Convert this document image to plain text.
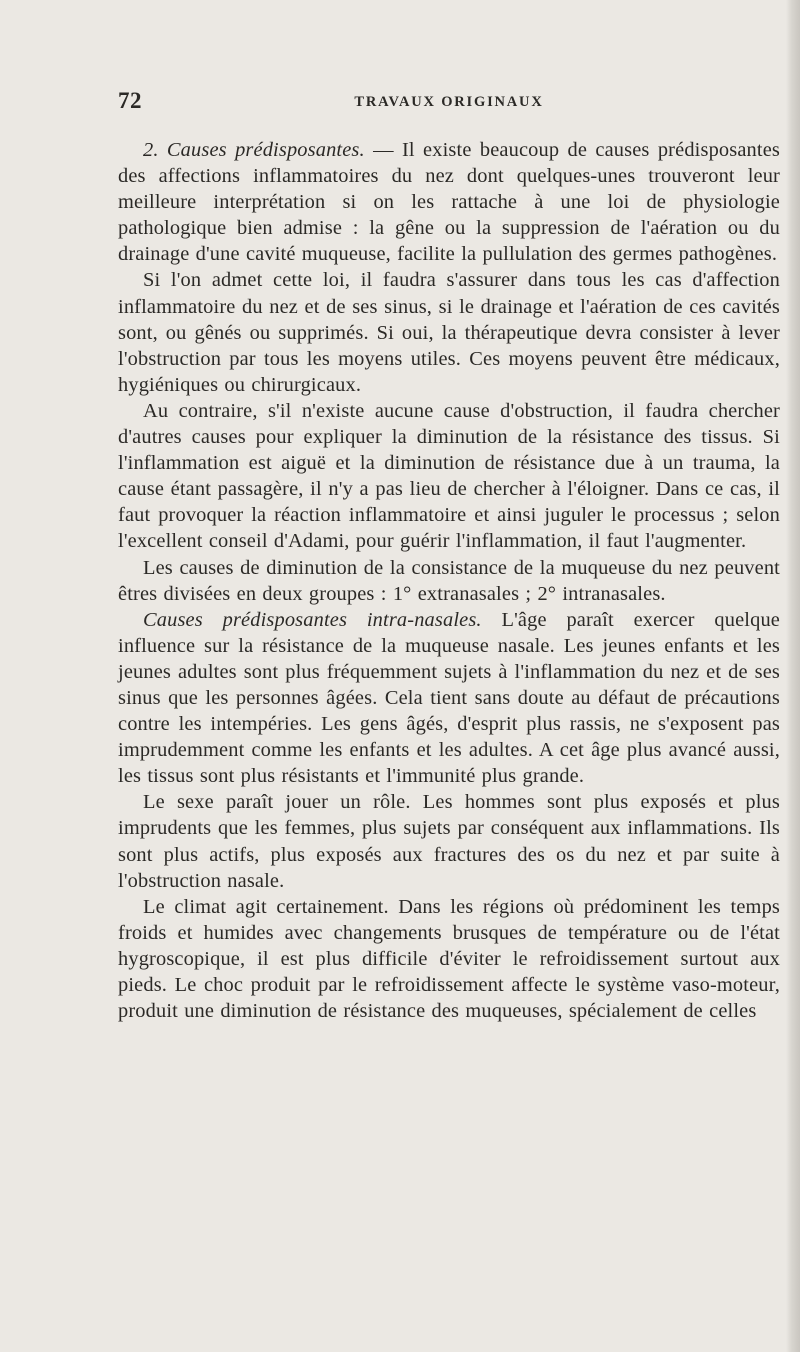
72	TRAVAUX ORIGINAUX

2. Causes prédisposantes. — Il existe beaucoup de causes prédisposantes des affections inflammatoires du nez dont quelques-unes trouveront leur meilleure interprétation si on les rattache à une loi de physiologie pathologique bien admise : la gêne ou la suppression de l'aération ou du drainage d'une cavité muqueuse, facilite la pullulation des germes pathogènes.

Si l'on admet cette loi, il faudra s'assurer dans tous les cas d'affection inflammatoire du nez et de ses sinus, si le drainage et l'aération de ces cavités sont, ou gênés ou supprimés. Si oui, la thérapeutique devra consister à lever l'obstruction par tous les moyens utiles. Ces moyens peuvent être médicaux, hygiéniques ou chirurgicaux.

Au contraire, s'il n'existe aucune cause d'obstruction, il faudra chercher d'autres causes pour expliquer la diminution de la résistance des tissus. Si l'inflammation est aiguë et la diminution de résistance due à un trauma, la cause étant passagère, il n'y a pas lieu de chercher à l'éloigner. Dans ce cas, il faut provoquer la réaction inflammatoire et ainsi juguler le processus ; selon l'excellent conseil d'Adami, pour guérir l'inflammation, il faut l'augmenter.

Les causes de diminution de la consistance de la muqueuse du nez peuvent êtres divisées en deux groupes : 1° extranasales ; 2° intranasales.

Causes prédisposantes intra-nasales. L'âge paraît exercer quelque influence sur la résistance de la muqueuse nasale. Les jeunes enfants et les jeunes adultes sont plus fréquemment sujets à l'inflammation du nez et de ses sinus que les personnes âgées. Cela tient sans doute au défaut de précautions contre les intempéries. Les gens âgés, d'esprit plus rassis, ne s'exposent pas imprudemment comme les enfants et les adultes. A cet âge plus avancé aussi, les tissus sont plus résistants et l'immunité plus grande.

Le sexe paraît jouer un rôle. Les hommes sont plus exposés et plus imprudents que les femmes, plus sujets par conséquent aux inflammations. Ils sont plus actifs, plus exposés aux fractures des os du nez et par suite à l'obstruction nasale.

Le climat agit certainement. Dans les régions où prédominent les temps froids et humides avec changements brusques de température ou de l'état hygroscopique, il est plus difficile d'éviter le refroidissement surtout aux pieds. Le choc produit par le refroidissement affecte le système vaso-moteur, produit une diminution de résistance des muqueuses, spécialement de celles
